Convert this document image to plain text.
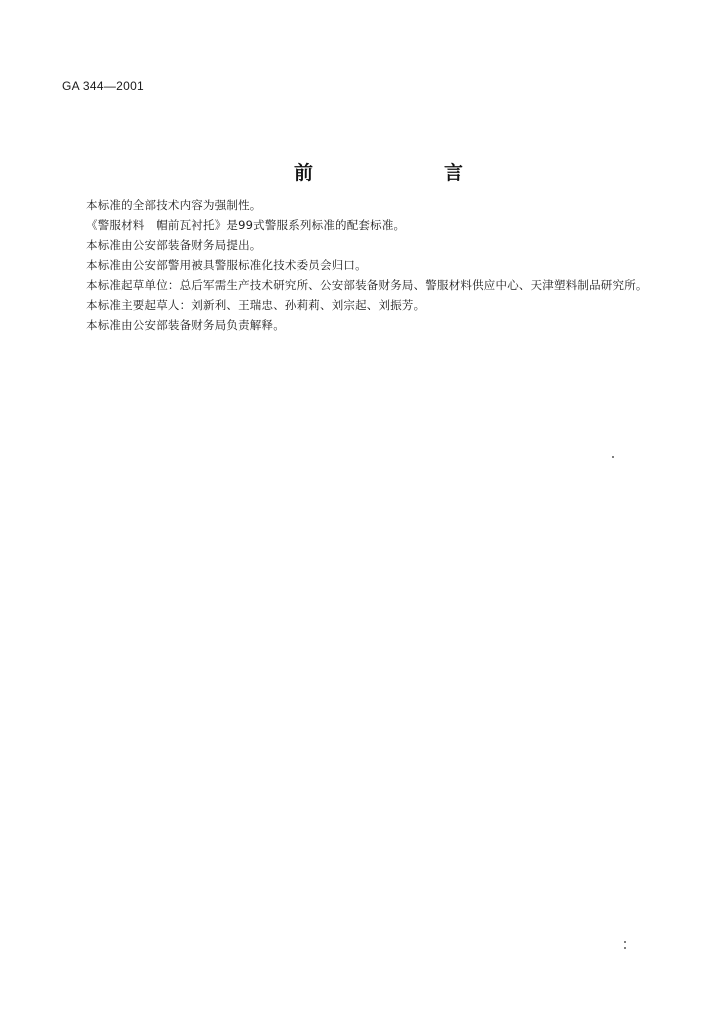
GA 344—2001
前　言

本标准的全部技术内容为强制性。

《警服材料　帽前瓦衬托》是99式警服系列标准的配套标准。

本标准由公安部装备财务局提出。

本标准由公安部警用被具警服标准化技术委员会归口。

本标准起草单位：总后军需生产技术研究所、公安部装备财务局、警服材料供应中心、天津塑料制品研究所。

本标准主要起草人：刘新利、王瑞忠、孙莉莉、刘宗起、刘振芳。

本标准由公安部装备财务局负责解释。
